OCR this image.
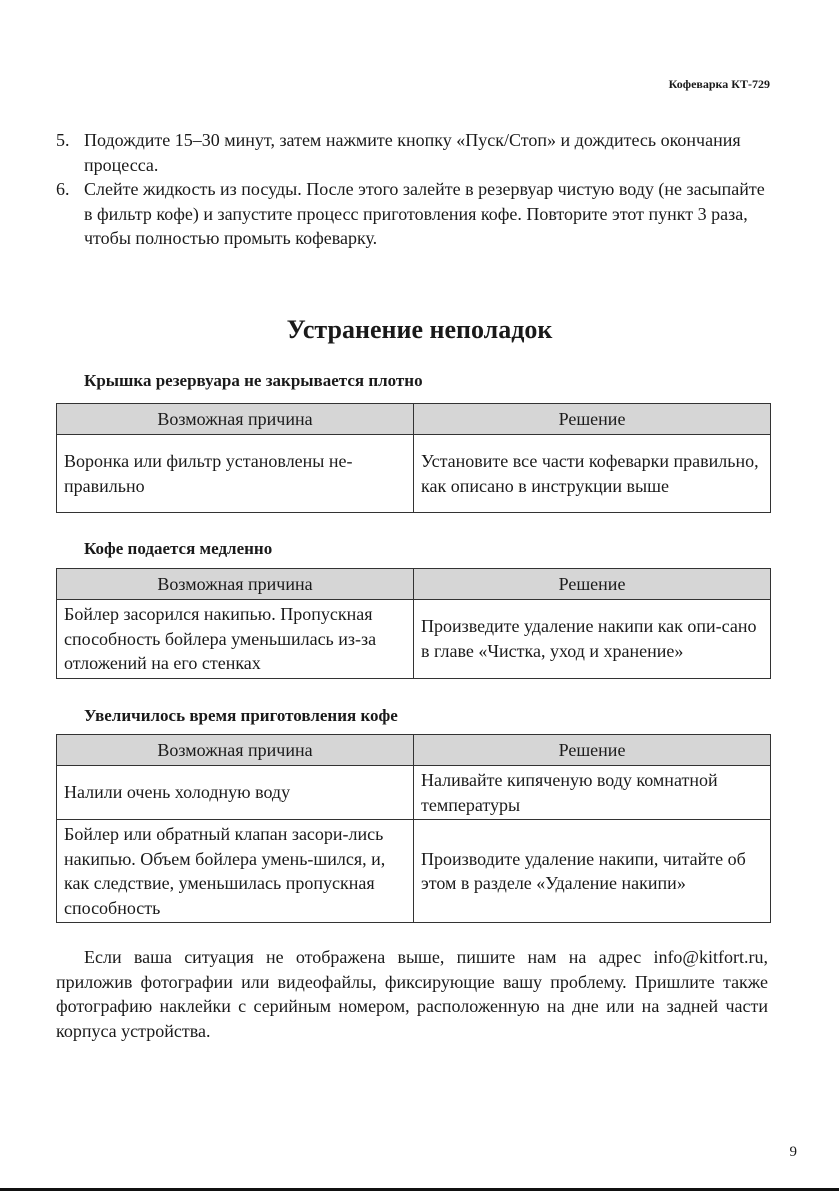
Кофеварка КТ-729
5. Подождите 15–30 минут, затем нажмите кнопку «Пуск/Стоп» и дождитесь окончания процесса.
6. Слейте жидкость из посуды. После этого залейте в резервуар чистую воду (не засыпайте в фильтр кофе) и запустите процесс приготовления кофе. Повторите этот пункт 3 раза, чтобы полностью промыть кофеварку.
Устранение неполадок
Крышка резервуара не закрывается плотно
Возможная причина	Решение
Воронка или фильтр установлены не-правильно	Установите все части кофеварки правильно, как описано в инструкции выше
Кофе подается медленно
Возможная причина	Решение
Бойлер засорился накипью. Пропускная способность бойлера уменьшилась из-за отложений на его стенках	Произведите удаление накипи как опи-сано в главе «Чистка, уход и хранение»
Увеличилось время приготовления кофе
Возможная причина	Решение
Налили очень холодную воду	Наливайте кипяченую воду комнатной температуры
Бойлер или обратный клапан засори-лись накипью. Объем бойлера умень-шился, и, как следствие, уменьшилась пропускная способность	Производите удаление накипи, читайте об этом в разделе «Удаление накипи»

Если ваша ситуация не отображена выше, пишите нам на адрес info@kitfort.ru, приложив фотографии или видеофайлы, фиксирующие вашу проблему. Пришлите также фотографию наклейки с серийным номером, расположенную на дне или на задней части корпуса устройства.

9
